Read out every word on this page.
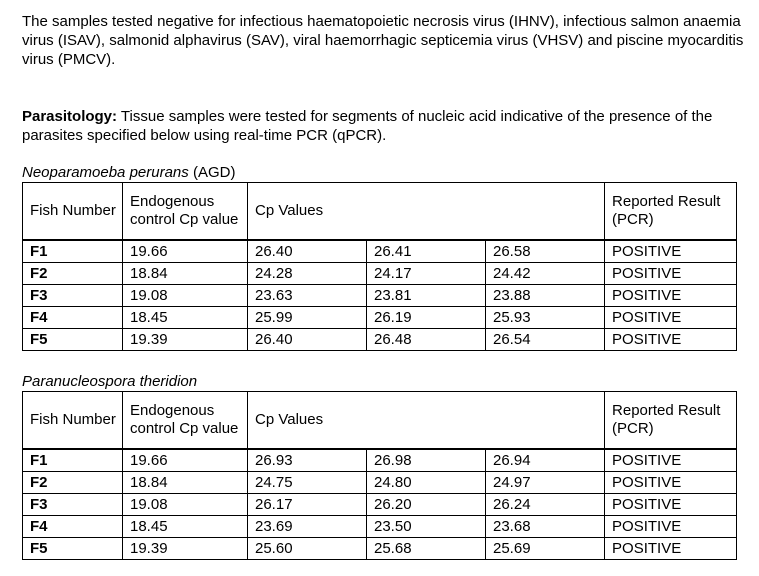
The samples tested negative for infectious haematopoietic necrosis virus (IHNV), infectious salmon anaemia virus (ISAV), salmonid alphavirus (SAV), viral haemorrhagic septicemia virus (VHSV) and piscine myocarditis virus (PMCV).

Parasitology: Tissue samples were tested for segments of nucleic acid indicative of the presence of the parasites specified below using real-time PCR (qPCR).

Neoparamoeba perurans (AGD)

Fish Number	Endogenous control Cp value	Cp Values			Reported Result (PCR)
F1	19.66	26.40	26.41	26.58	POSITIVE
F2	18.84	24.28	24.17	24.42	POSITIVE
F3	19.08	23.63	23.81	23.88	POSITIVE
F4	18.45	25.99	26.19	25.93	POSITIVE
F5	19.39	26.40	26.48	26.54	POSITIVE

Paranucleospora theridion

Fish Number	Endogenous control Cp value	Cp Values			Reported Result (PCR)
F1	19.66	26.93	26.98	26.94	POSITIVE
F2	18.84	24.75	24.80	24.97	POSITIVE
F3	19.08	26.17	26.20	26.24	POSITIVE
F4	18.45	23.69	23.50	23.68	POSITIVE
F5	19.39	25.60	25.68	25.69	POSITIVE
